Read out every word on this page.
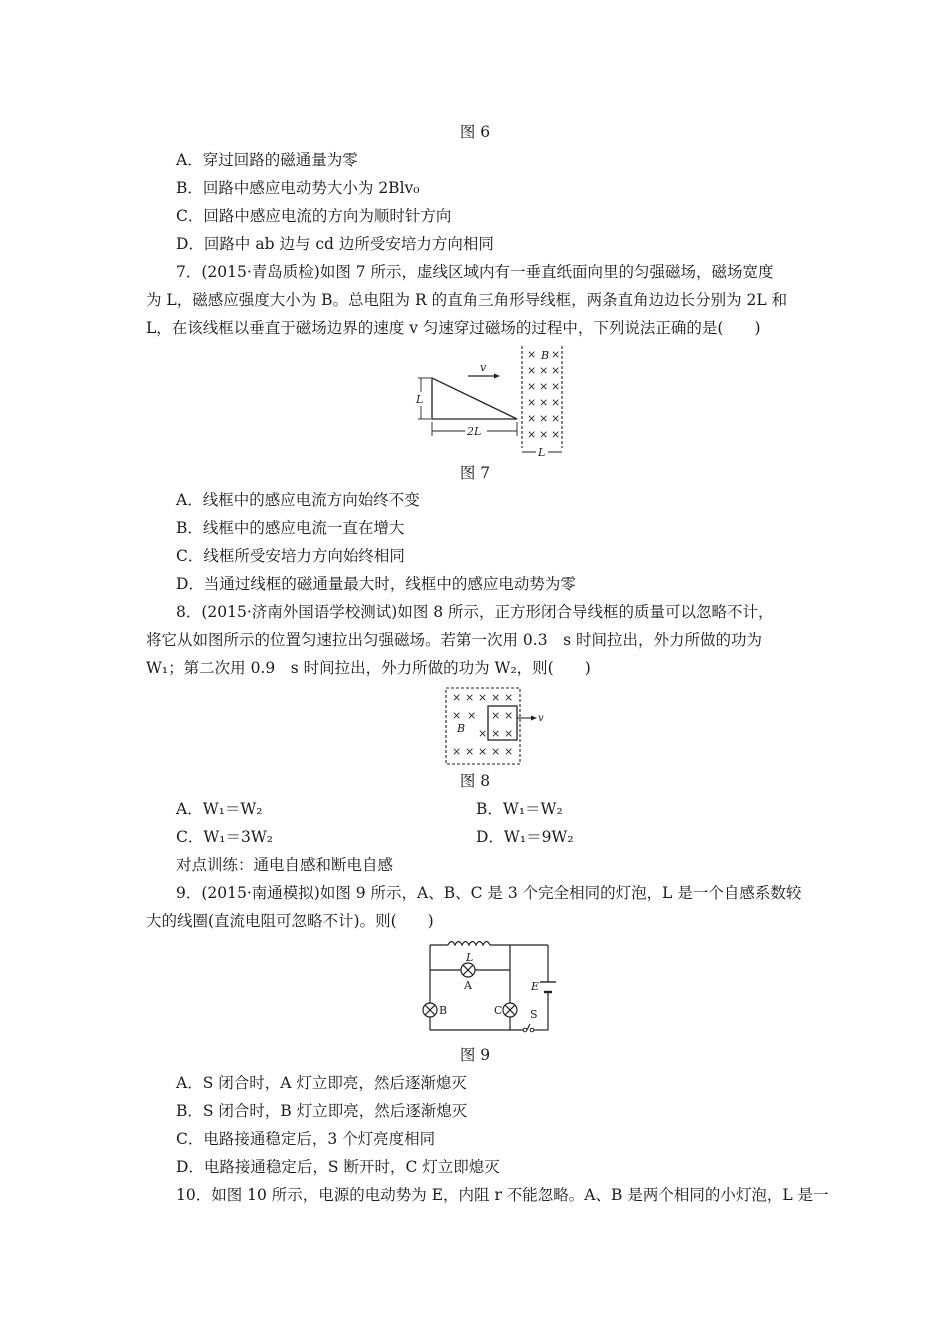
图 6
A．穿过回路的磁通量为零
B．回路中感应电动势大小为 2Blv₀
C．回路中感应电流的方向为顺时针方向
D．回路中 ab 边与 cd 边所受安培力方向相同
7．(2015·青岛质检)如图 7 所示，虚线区域内有一垂直纸面向里的匀强磁场，磁场宽度
为 L，磁感应强度大小为 B。总电阻为 R 的直角三角形导线框，两条直角边边长分别为 2L 和
L，在该线框以垂直于磁场边界的速度 v 匀速穿过磁场的过程中，下列说法正确的是(　　)
v
L
2L
× ×
× × ×
× × ×
× × ×
× × ×
× × ×
B
L
图 7
A．线框中的感应电流方向始终不变
B．线框中的感应电流一直在增大
C．线框所受安培力方向始终相同
D．当通过线框的磁通量最大时，线框中的感应电动势为零
8．(2015·济南外国语学校测试)如图 8 所示，正方形闭合导线框的质量可以忽略不计，
将它从如图所示的位置匀速拉出匀强磁场。若第一次用 0.3　s 时间拉出，外力所做的功为
W₁；第二次用 0.9　s 时间拉出，外力所做的功为 W₂，则(　　)
× × × × ×
× × × ×
× × ×
× × × × ×
B
v
图 8
A．W₁＝W₂	B．W₁＝W₂
C．W₁＝3W₂	D．W₁＝9W₂
对点训练：通电自感和断电自感
9．(2015·南通模拟)如图 9 所示，A、B、C 是 3 个完全相同的灯泡，L 是一个自感系数较
大的线圈(直流电阻可忽略不计)。则(　　)
L
A
B	C
E
S
图 9
A．S 闭合时，A 灯立即亮，然后逐渐熄灭
B．S 闭合时，B 灯立即亮，然后逐渐熄灭
C．电路接通稳定后，3 个灯亮度相同
D．电路接通稳定后，S 断开时，C 灯立即熄灭
10．如图 10 所示，电源的电动势为 E，内阻 r 不能忽略。A、B 是两个相同的小灯泡，L 是一
